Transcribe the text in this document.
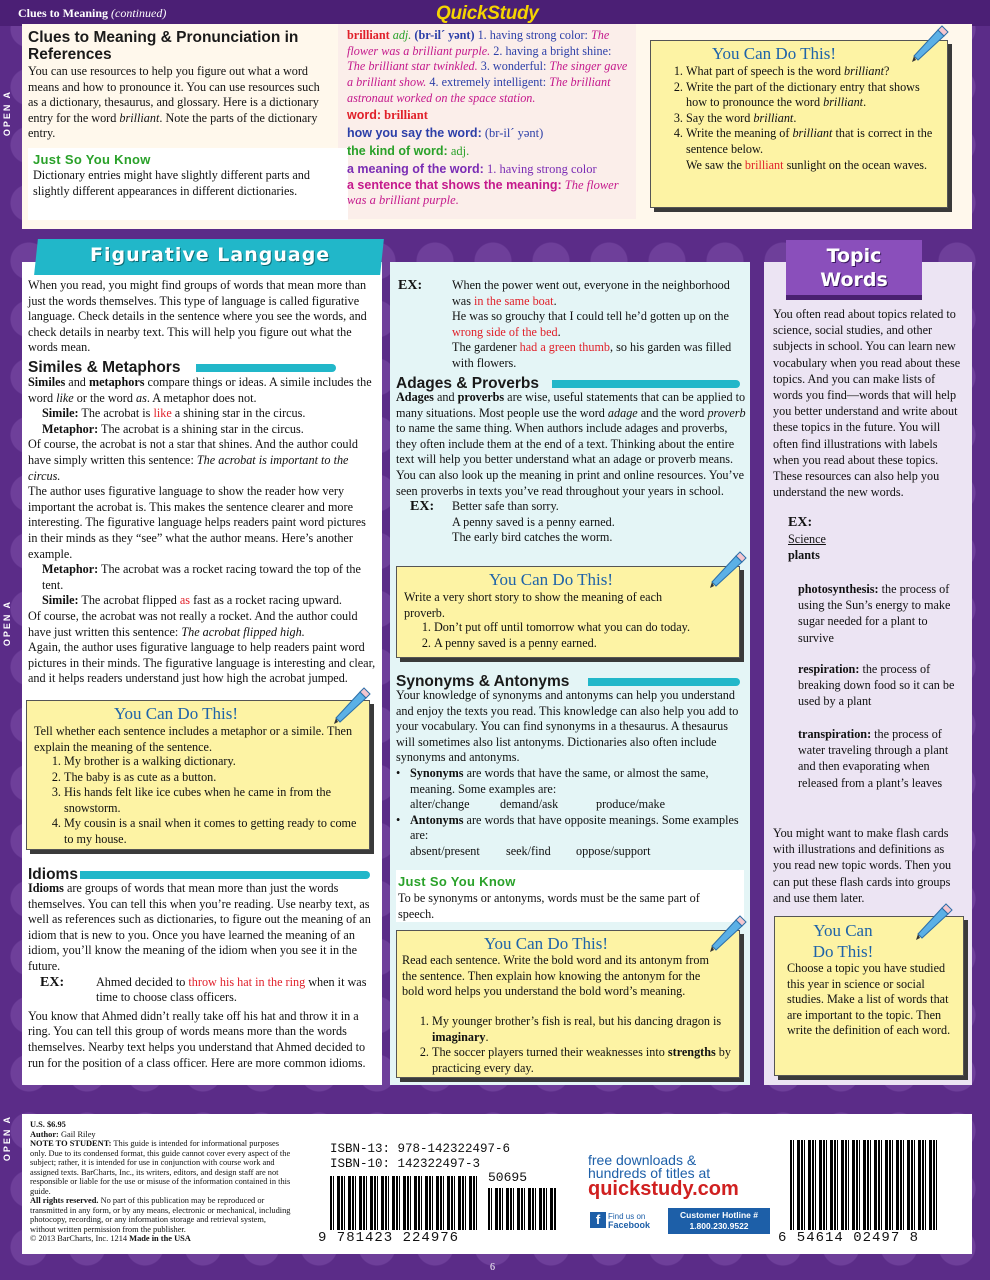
Clues to Meaning (continued)	QuickStudy
OPEN A
OPEN A
OPEN A
Clues to Meaning & Pronunciation in References
You can use resources to help you figure out what a word means and how to pronounce it. You can use resources such as a dictionary, thesaurus, and glossary. Here is a dictionary entry for the word brilliant. Note the parts of the dictionary entry.
Just So You Know
Dictionary entries might have slightly different parts and slightly different appearances in different dictionaries.
brilliant adj. (br-il´ yənt) 1. having strong color: The flower was a brilliant purple. 2. having a bright shine: The brilliant star twinkled. 3. wonderful: The singer gave a brilliant show. 4. extremely intelligent: The brilliant astronaut worked on the space station.
word: brilliant
how you say the word: (br-il´ yənt)
the kind of word: adj.
a meaning of the word: 1. having strong color
a sentence that shows the meaning: The flower was a brilliant purple.
You Can Do This!
1. What part of speech is the word brilliant?
2. Write the part of the dictionary entry that shows how to pronounce the word brilliant.
3. Say the word brilliant.
4. Write the meaning of brilliant that is correct in the sentence below.
We saw the brilliant sunlight on the ocean waves.
Figurative Language
When you read, you might find groups of words that mean more than just the words themselves. This type of language is called figurative language. Check details in the sentence where you see the words, and check details in nearby text. This will help you figure out what the words mean.
Similes & Metaphors
Similes and metaphors compare things or ideas. A simile includes the word like or the word as. A metaphor does not.
Simile: The acrobat is like a shining star in the circus.
Metaphor: The acrobat is a shining star in the circus.
Of course, the acrobat is not a star that shines. And the author could have simply written this sentence: The acrobat is important to the circus.
The author uses figurative language to show the reader how very important the acrobat is. This makes the sentence clearer and more interesting. The figurative language helps readers paint word pictures in their minds as they “see” what the author means. Here’s another example.
Metaphor: The acrobat was a rocket racing toward the top of the tent.
Simile: The acrobat flipped as fast as a rocket racing upward.
Of course, the acrobat was not really a rocket. And the author could have just written this sentence: The acrobat flipped high.
Again, the author uses figurative language to help readers paint word pictures in their minds. The figurative language is interesting and clear, and it helps readers understand just how high the acrobat jumped.
You Can Do This!
Tell whether each sentence includes a metaphor or a simile. Then explain the meaning of the sentence.
1. My brother is a walking dictionary.
2. The baby is as cute as a button.
3. His hands felt like ice cubes when he came in from the snowstorm.
4. My cousin is a snail when it comes to getting ready to come to my house.
Idioms
Idioms are groups of words that mean more than just the words themselves. You can tell this when you’re reading. Use nearby text, as well as references such as dictionaries, to figure out the meaning of an idiom that is new to you. Once you have learned the meaning of an idiom, you’ll know the meaning of the idiom when you see it in the future.
EX:	Ahmed decided to throw his hat in the ring when it was time to choose class officers.
You know that Ahmed didn’t really take off his hat and throw it in a ring. You can tell this group of words means more than the words themselves. Nearby text helps you understand that Ahmed decided to run for the position of a class officer. Here are more common idioms.
EX:	When the power went out, everyone in the neighborhood was in the same boat.
He was so grouchy that I could tell he’d gotten up on the wrong side of the bed.
The gardener had a green thumb, so his garden was filled with flowers.
Adages & Proverbs
Adages and proverbs are wise, useful statements that can be applied to many situations. Most people use the word adage and the word proverb to name the same thing. When authors include adages and proverbs, they often include them at the end of a text. Thinking about the entire text will help you better understand what an adage or proverb means. You can also look up the meaning in print and online resources. You’ve seen proverbs in texts you’ve read throughout your years in school.
EX:	Better safe than sorry.
A penny saved is a penny earned.
The early bird catches the worm.
You Can Do This!
Write a very short story to show the meaning of each proverb.
1. Don’t put off until tomorrow what you can do today.
2. A penny saved is a penny earned.
Synonyms & Antonyms
Your knowledge of synonyms and antonyms can help you understand and enjoy the texts you read. This knowledge can also help you add to your vocabulary. You can find synonyms in a thesaurus. A thesaurus will sometimes also list antonyms. Dictionaries also often include synonyms and antonyms.
• Synonyms are words that have the same, or almost the same, meaning. Some examples are:
alter/change	demand/ask	produce/make
• Antonyms are words that have opposite meanings. Some examples are:
absent/present	seek/find	oppose/support
Just So You Know
To be synonyms or antonyms, words must be the same part of speech.
You Can Do This!
Read each sentence. Write the bold word and its antonym from the sentence. Then explain how knowing the antonym for the bold word helps you understand the bold word’s meaning.
1. My younger brother’s fish is real, but his dancing dragon is imaginary.
2. The soccer players turned their weaknesses into strengths by practicing every day.
Topic
Words
You often read about topics related to science, social studies, and other subjects in school. You can learn new vocabulary when you read about these topics. And you can make lists of words you find—words that will help you better understand and write about these topics in the future. You will often find illustrations with labels when you read about these topics. These resources can also help you understand the new words.
EX:
Science
plants
photosynthesis: the process of using the Sun’s energy to make sugar needed for a plant to survive
respiration: the process of breaking down food so it can be used by a plant
transpiration: the process of water traveling through a plant and then evaporating when released from a plant’s leaves
You might want to make flash cards with illustrations and definitions as you read new topic words. Then you can put these flash cards into groups and use them later.
You Can
Do This!
Choose a topic you have studied this year in science or social studies. Make a list of words that are important to the topic. Then write the definition of each word.
U.S. $6.95
Author: Gail Riley
NOTE TO STUDENT: This guide is intended for informational purposes only. Due to its condensed format, this guide cannot cover every aspect of the subject; rather, it is intended for use in conjunction with course work and assigned texts. BarCharts, Inc., its writers, editors, and design staff are not responsible or liable for the use or misuse of the information contained in this guide.
All rights reserved. No part of this publication may be reproduced or transmitted in any form, or by any means, electronic or mechanical, including photocopy, recording, or any information storage and retrieval system, without written permission from the publisher.
© 2013 BarCharts, Inc. 1214 Made in the USA
ISBN-13: 978-142322497-6
ISBN-10: 142322497-3
50695
9 781423 224976
free downloads &
hundreds of titles at
quickstudy.com
f Find us on
Facebook
Customer Hotline #
1.800.230.9522
6 54614 02497 8
6
